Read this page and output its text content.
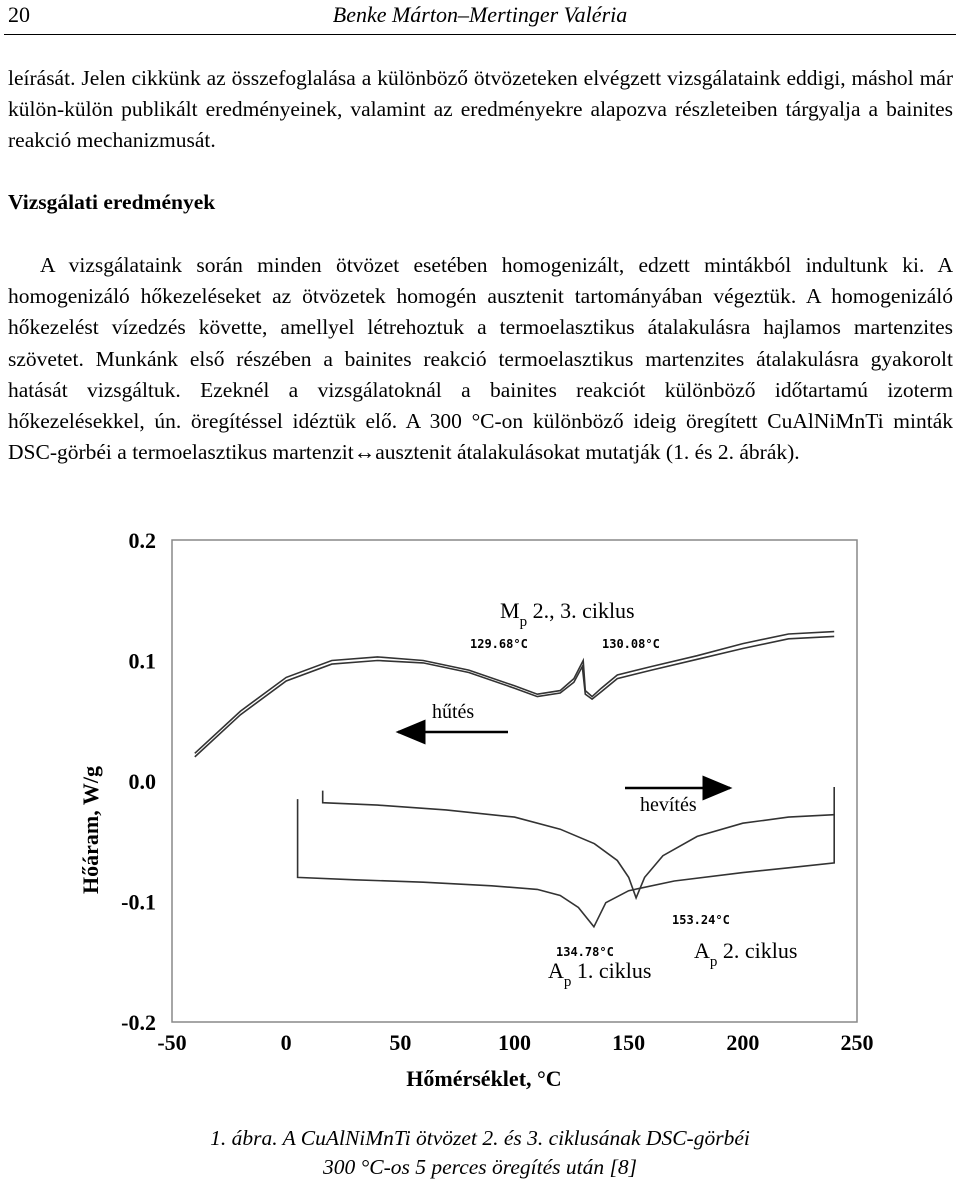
20	Benke Márton–Mertinger Valéria
leírását. Jelen cikkünk az összefoglalása a különböző ötvözeteken elvégzett vizsgálataink eddigi, máshol már külön-külön publikált eredményeinek, valamint az eredményekre alapozva részleteiben tárgyalja a bainites reakció mechanizmusát.
Vizsgálati eredmények
A vizsgálataink során minden ötvözet esetében homogenizált, edzett mintákból indultunk ki. A homogenizáló hőkezeléseket az ötvözetek homogén ausztenit tartományában végeztük. A homogenizáló hőkezelést vízedzés követte, amellyel létrehoztuk a termoelasztikus átalakulásra hajlamos martenzites szövetet. Munkánk első részében a bainites reakció termoelasztikus martenzites átalakulásra gyakorolt hatását vizsgáltuk. Ezeknél a vizsgálatoknál a bainites reakciót különböző időtartamú izoterm hőkezelésekkel, ún. öregítéssel idéztük elő. A 300 °C-on különböző ideig öregített CuAlNiMnTi minták DSC-görbéi a termoelasztikus martenzit↔ausztenit átalakulásokat mutatják (1. és 2. ábrák).
0.2
0.1
0.0
-0.1
-0.2
-50	0	50	100	150	200	250
Hőáram, W/g
Hőmérséklet, °C
$M_p$ 2., 3. ciklus
129.68°C	130.08°C
hűtés
hevítés
153.24°C
134.78°C	$A_p$ 2. ciklus
$A_p$ 1. ciklus
1. ábra. A CuAlNiMnTi ötvözet 2. és 3. ciklusának DSC-görbéi
300 °C-os 5 perces öregítés után [8]
